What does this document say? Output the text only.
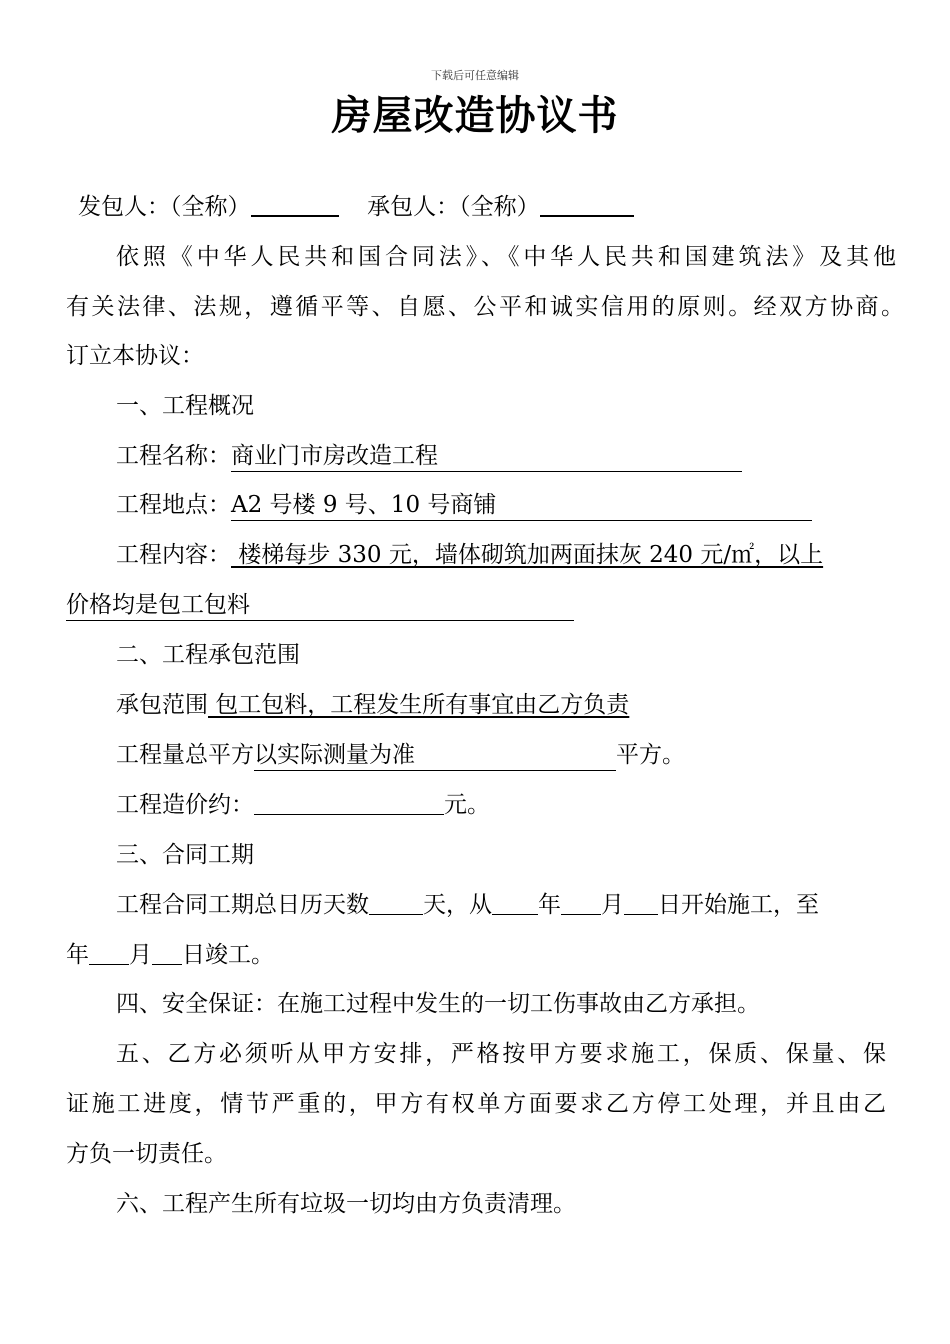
下载后可任意编辑
房屋改造协议书
发包人：（全称）	承包人：（全称）
依照《中华人民共和国合同法》、《中华人民共和国建筑法》及其他
有关法律、法规，遵循平等、自愿、公平和诚实信用的原则。经双方协商。
订立本协议：
一、工程概况
工程名称：商业门市房改造工程
工程地点：A2 号楼 9 号、10 号商铺
工程内容： 楼梯每步 330 元，墙体砌筑加两面抹灰 240 元/㎡，以上
价格均是包工包料
二、工程承包范围
承包范围 包工包料，工程发生所有事宜由乙方负责
工程量总平方以实际测量为准	平方。
工程造价约：	元。
三、合同工期
工程合同工期总日历天数 天，从 年 月 日开始施工，至
年 月 日竣工。
四、安全保证：在施工过程中发生的一切工伤事故由乙方承担。
五、乙方必须听从甲方安排，严格按甲方要求施工，保质、保量、保
证施工进度，情节严重的，甲方有权单方面要求乙方停工处理，并且由乙
方负一切责任。
六、工程产生所有垃圾一切均由方负责清理。
